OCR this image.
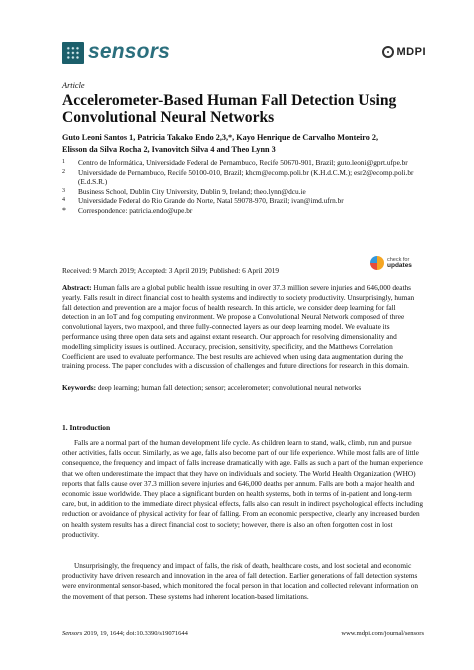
sensors	MDPI
Article
Accelerometer-Based Human Fall Detection Using Convolutional Neural Networks
Guto Leoni Santos 1, Patricia Takako Endo 2,3,*, Kayo Henrique de Carvalho Monteiro 2,
Elisson da Silva Rocha 2, Ivanovitch Silva 4 and Theo Lynn 3
1 Centro de Informática, Universidade Federal de Pernambuco, Recife 50670-901, Brazil; guto.leoni@gprt.ufpe.br
2 Universidade de Pernambuco, Recife 50100-010, Brazil; khcm@ecomp.poli.br (K.H.d.C.M.); esr2@ecomp.poli.br (E.d.S.R.)
3 Business School, Dublin City University, Dublin 9, Ireland; theo.lynn@dcu.ie
4 Universidade Federal do Rio Grande do Norte, Natal 59078-970, Brazil; ivan@imd.ufrn.br
* Correspondence: patricia.endo@upe.br
check for
updates
Received: 9 March 2019; Accepted: 3 April 2019; Published: 6 April 2019

Abstract: Human falls are a global public health issue resulting in over 37.3 million severe injuries and 646,000 deaths yearly. Falls result in direct financial cost to health systems and indirectly to society productivity. Unsurprisingly, human fall detection and prevention are a major focus of health research. In this article, we consider deep learning for fall detection in an IoT and fog computing environment. We propose a Convolutional Neural Network composed of three convolutional layers, two maxpool, and three fully-connected layers as our deep learning model. We evaluate its performance using three open data sets and against extant research. Our approach for resolving dimensionality and modelling simplicity issues is outlined. Accuracy, precision, sensitivity, specificity, and the Matthews Correlation Coefficient are used to evaluate performance. The best results are achieved when using data augmentation during the training process. The paper concludes with a discussion of challenges and future directions for research in this domain.

Keywords: deep learning; human fall detection; sensor; accelerometer; convolutional neural networks

1. Introduction

Falls are a normal part of the human development life cycle. As children learn to stand, walk, climb, run and pursue other activities, falls occur. Similarly, as we age, falls also become part of our life experience. While most falls are of little consequence, the frequency and impact of falls increase dramatically with age. Falls as such a part of the human experience that we often underestimate the impact that they have on individuals and society. The World Health Organization (WHO) reports that falls cause over 37.3 million severe injuries and 646,000 deaths per annum. Falls are both a major health and economic issue worldwide. They place a significant burden on health systems, both in terms of in-patient and long-term care, but, in addition to the immediate direct physical effects, falls also can result in indirect psychological effects including reduction or avoidance of physical activity for fear of falling. From an economic perspective, clearly any increased burden on health system results has a direct financial cost to society; however, there is also an often forgotten cost in lost productivity.

Unsurprisingly, the frequency and impact of falls, the risk of death, healthcare costs, and lost societal and economic productivity have driven research and innovation in the area of fall detection. Earlier generations of fall detection systems were environmental sensor-based, which monitored the focal person in that location and collected relevant information on the movement of that person. These systems had inherent location-based limitations.

Sensors 2019, 19, 1644; doi:10.3390/s19071644	www.mdpi.com/journal/sensors
